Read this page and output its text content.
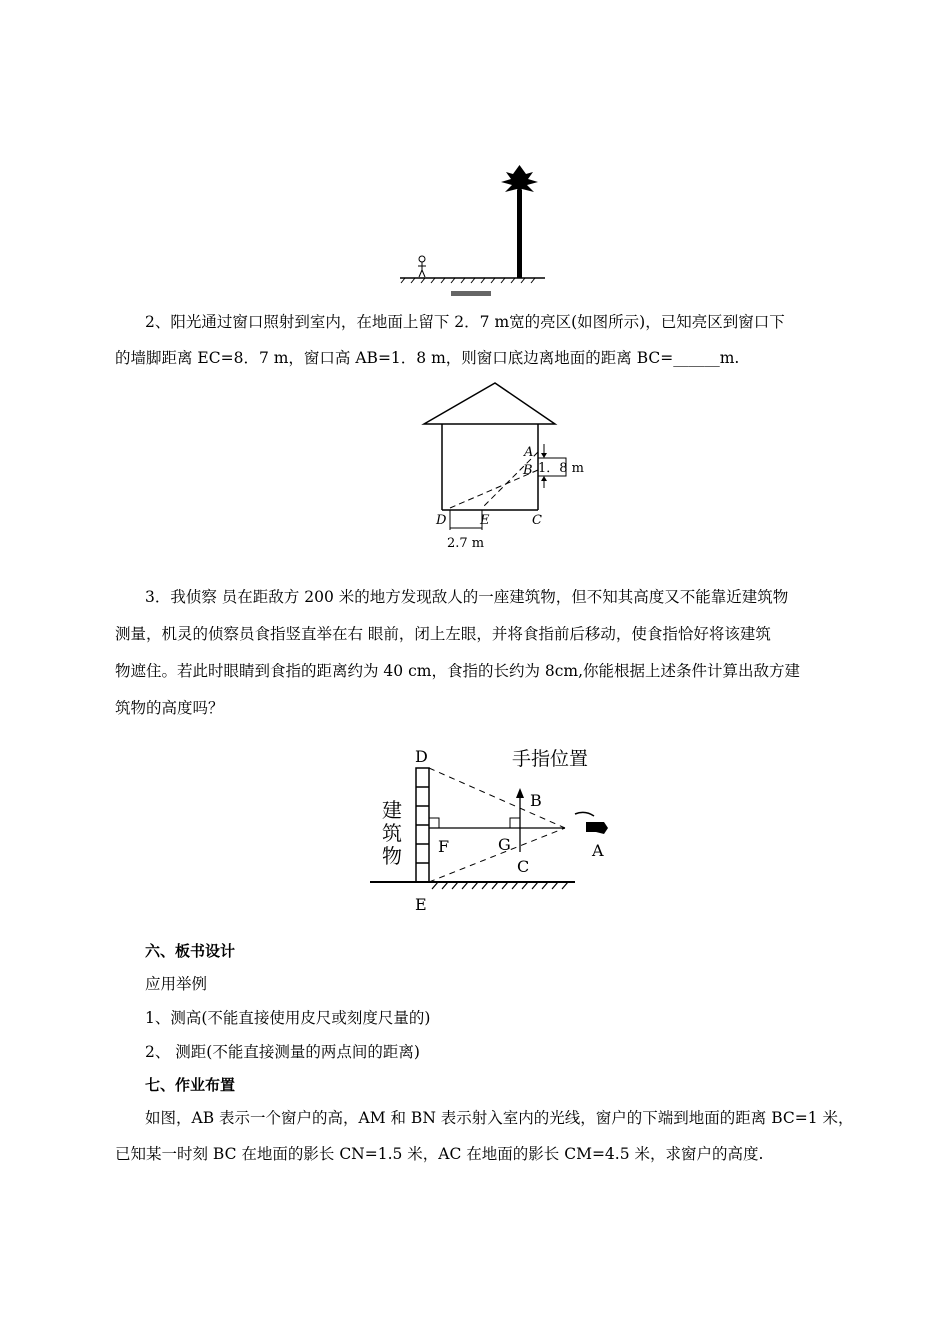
2、阳光通过窗口照射到室内，在地面上留下 2．7 m宽的亮区(如图所示)，已知亮区到窗口下
的墙脚距离 EC=8．7 m，窗口高 AB=1．8 m，则窗口底边离地面的距离 BC=______m.
A
B 1．8 m
D	E	C
2.7 m
3．我侦察 员在距敌方 200 米的地方发现敌人的一座建筑物，但不知其高度又不能靠近建筑物
测量，机灵的侦察员食指竖直举在右 眼前，闭上左眼，并将食指前后移动，使食指恰好将该建筑
物遮住。若此时眼睛到食指的距离约为 40 cm，食指的长约为 8cm,你能根据上述条件计算出敌方建
筑物的高度吗？
手指位置
建
筑
物
D
E
F	G
B
C
A
六、板书设计
应用举例
1、测高(不能直接使用皮尺或刻度尺量的)
2、 测距(不能直接测量的两点间的距离)
七、作业布置
如图，AB 表示一个窗户的高，AM 和 BN 表示射入室内的光线，窗户的下端到地面的距离 BC=1 米，
已知某一时刻 BC 在地面的影长 CN=1.5 米，AC 在地面的影长 CM=4.5 米，求窗户的高度.
